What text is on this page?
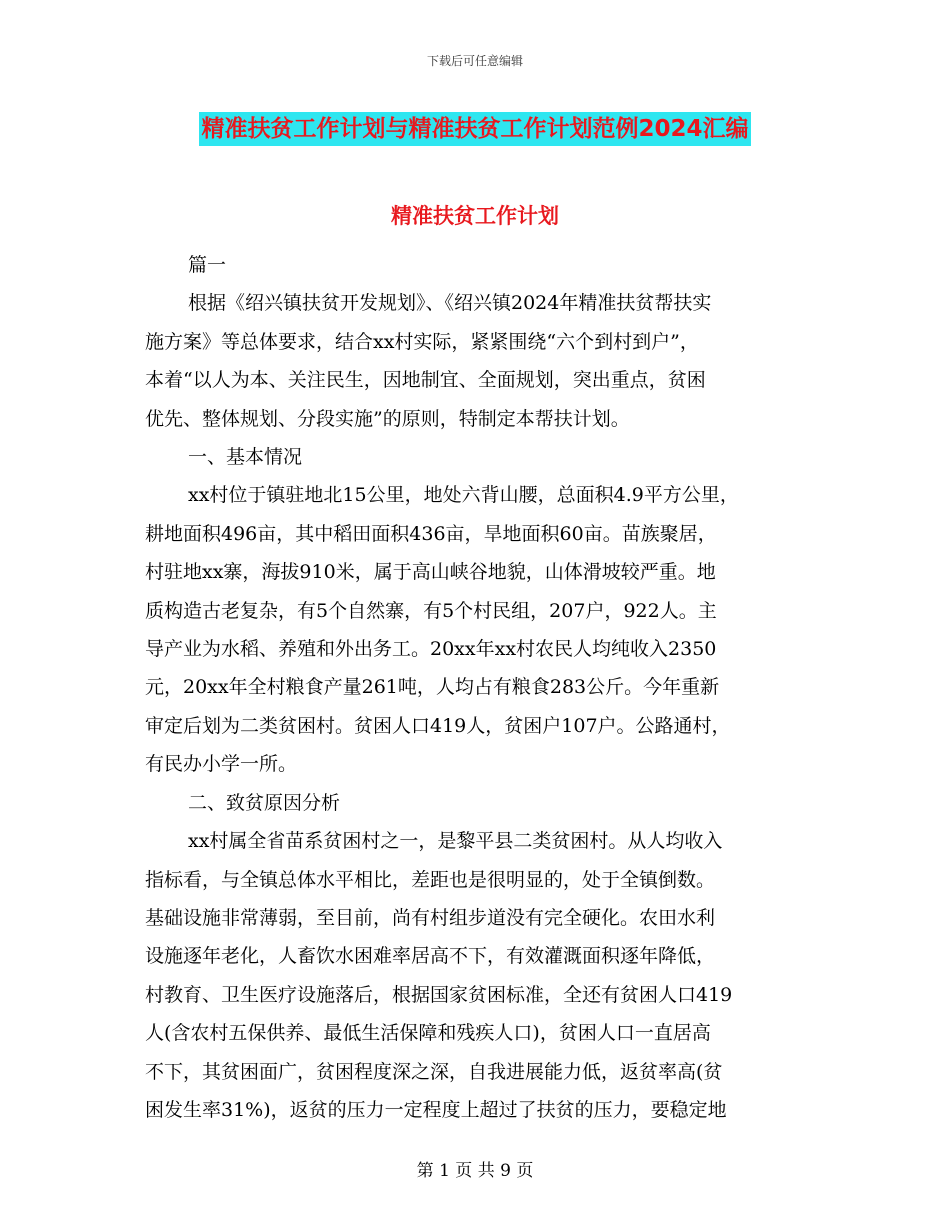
下载后可任意编辑
精准扶贫工作计划与精准扶贫工作计划范例2024汇编
精准扶贫工作计划

篇一

根据《绍兴镇扶贫开发规划》、《绍兴镇2024年精准扶贫帮扶实

施方案》等总体要求，结合xx村实际，紧紧围绕“六个到村到户”，

本着“以人为本、关注民生，因地制宜、全面规划，突出重点，贫困

优先、整体规划、分段实施”的原则，特制定本帮扶计划。

一、基本情况

xx村位于镇驻地北15公里，地处六背山腰，总面积4.9平方公里，

耕地面积496亩，其中稻田面积436亩，旱地面积60亩。苗族聚居，

村驻地xx寨，海拔910米，属于高山峡谷地貌，山体滑坡较严重。地

质构造古老复杂，有5个自然寨，有5个村民组，207户，922人。主

导产业为水稻、养殖和外出务工。20xx年xx村农民人均纯收入2350

元，20xx年全村粮食产量261吨，人均占有粮食283公斤。今年重新

审定后划为二类贫困村。贫困人口419人，贫困户107户。公路通村，

有民办小学一所。

二、致贫原因分析

xx村属全省苗系贫困村之一，是黎平县二类贫困村。从人均收入

指标看，与全镇总体水平相比，差距也是很明显的，处于全镇倒数。

基础设施非常薄弱，至目前，尚有村组步道没有完全硬化。农田水利

设施逐年老化，人畜饮水困难率居高不下，有效灌溉面积逐年降低，

村教育、卫生医疗设施落后，根据国家贫困标准，全还有贫困人口419

人(含农村五保供养、最低生活保障和残疾人口)，贫困人口一直居高

不下，其贫困面广，贫困程度深之深，自我进展能力低，返贫率高(贫

困发生率31%)，返贫的压力一定程度上超过了扶贫的压力，要稳定地

第 1 页 共 9 页
